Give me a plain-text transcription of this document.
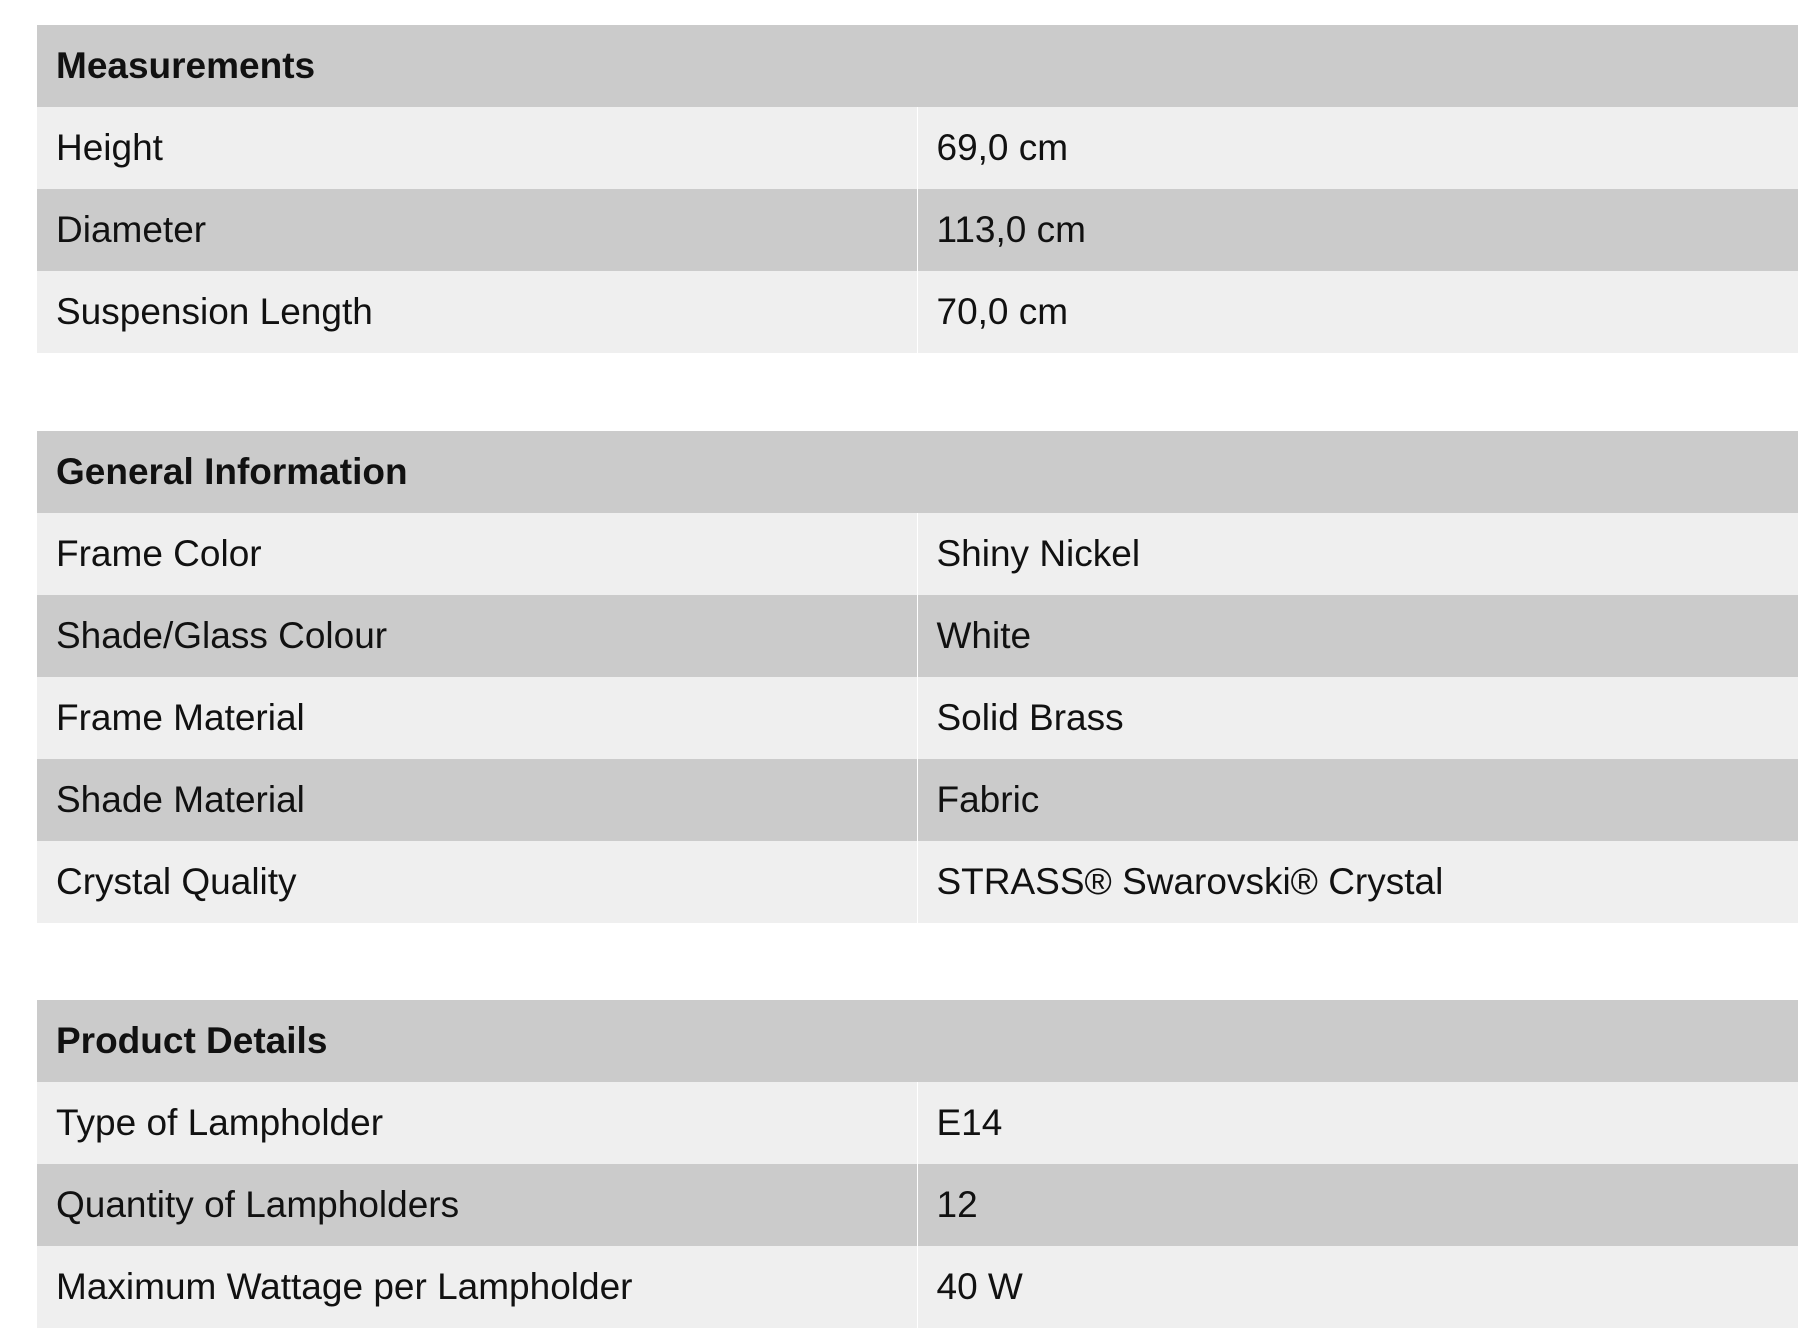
Measurements	
Height	69,0 cm
Diameter	113,0 cm
Suspension Length	70,0 cm
General Information	
Frame Color	Shiny Nickel
Shade/Glass Colour	White
Frame Material	Solid Brass
Shade Material	Fabric
Crystal Quality	STRASS® Swarovski® Crystal
Product Details	
Type of Lampholder	E14
Quantity of Lampholders	12
Maximum Wattage per Lampholder	40 W
